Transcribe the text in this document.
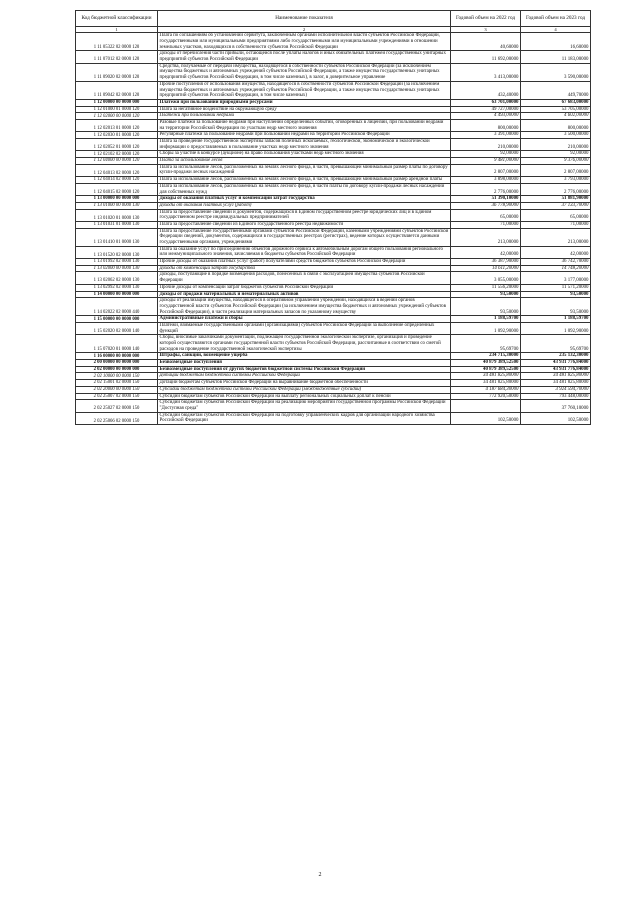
Код бюджетной классификации	Наименование показателя	Годовой объем на 2022 год	Годовой объем на 2023 год
1	2	3	4
1 11 05322 02 0000 120	Плата по соглашениям об установлении сервитута, заключенным органами исполнительной власти субъектов Российской Федерации, государственными или муниципальными предприятиями либо государственными или муниципальными учреждениями в отношении земельных участков, находящихся в собственности субъектов Российской Федерации	40,60000	16,60000
1 11 07012 02 0000 120	Доходы от перечисления части прибыли, остающейся после уплаты налогов и иных обязательных платежей государственных унитарных предприятий субъектов Российской Федерации	11 692,00000	11 183,00000
1 11 09020 02 0000 120	Средства, получаемые от передачи имущества, находящегося в собственности субъектов Российской Федерации (за исключением имущества бюджетных и автономных учреждений субъектов Российской Федерации, а также имущества государственных унитарных предприятий субъектов Российской Федерации, в том числе казенных), в залог, в доверительное управление	3 413,00000	3 590,00000
1 11 09042 02 0000 120	Прочие поступления от использования имущества, находящегося в собственности субъектов Российской Федерации (за исключением имущества бюджетных и автономных учреждений субъектов Российской Федерации, а также имущества государственных унитарных предприятий субъектов Российской Федерации, в том числе казенных)	432,40000	449,70000
1 12 00000 00 0000 000	Платежи при пользовании природными ресурсами	63 701,00000	67 683,00000
1 12 01000 01 0000 120	Плата за негативное воздействие на окружающую среду	49 727,00000	53 705,00000
1 12 02000 00 0000 120	Платежи при пользовании недрами	4 493,00000	4 602,00000
1 12 02013 01 0000 120	Разовые платежи за пользование недрами при наступлении определенных событий, оговоренных в лицензии, при пользовании недрами на территории Российской Федерации по участкам недр местного значения	800,00000	800,00000
1 12 02030 01 0000 120	Регулярные платежи за пользование недрами при пользовании недрами на территории Российской Федерации	3 391,00000	3 500,00000
1 12 02052 01 0000 120	Плата за проведение государственной экспертизы запасов полезных ископаемых, геологической, экономической и экологической информации о предоставляемых в пользование участках недр местного значения	210,00000	210,00000
1 12 02102 02 0000 120	Сборы за участие в конкурсе (аукционе) на право пользования участками недр местного значения	92,00000	92,00000
1 12 04000 00 0000 120	Плата за использование лесов	9 481,00000	9 376,00000
1 12 04013 02 0000 120	Плата за использование лесов, расположенных на землях лесного фонда, в части, превышающей минимальный размер платы по договору купли-продажи лесных насаждений	2 807,00000	2 807,00000
1 12 04014 02 0000 120	Плата за использование лесов, расположенных на землях лесного фонда, в части, превышающей минимальный размер арендной платы	3 898,00000	3 793,00000
1 12 04015 02 0000 120	Плата за использование лесов, расположенных на землях лесного фонда, в части платы по договору купли-продажи лесных насаждений для собственных нужд	2 776,00000	2 776,00000
1 13 00000 00 0000 000	Доходы от оказания платных услуг и компенсации затрат государства	51 390,10000	51 881,90000
1 13 01000 00 0000 130	Доходы от оказания платных услуг (работ)	36 778,90000	37 133,70000
1 13 01020 01 0000 130	Плата за предоставление сведений и документов, содержащихся в Едином государственном реестре юридических лиц и в Едином государственном реестре индивидуальных предпринимателей	65,00000	65,00000
1 13 01031 01 0000 130	Плата за предоставление сведений из Единого государственного реестра недвижимости	71,00000	71,00000
1 13 01410 01 0000 130	Плата за предоставление государственными органами субъектов Российской Федерации, казенными учреждениями субъектов Российской Федерации сведений, документов, содержащихся в государственных реестрах (регистрах), ведение которых осуществляется данными государственными органами, учреждениями	213,00000	213,00000
1 13 01520 02 0000 130	Плата за оказание услуг по присоединению объектов дорожного сервиса к автомобильным дорогам общего пользования регионального или межмуниципального значения, зачисляемая в бюджеты субъектов Российской Федерации	42,00000	42,00000
1 13 01992 02 0000 130	Прочие доходы от оказания платных услуг (работ) получателями средств бюджетов субъектов Российской Федерации	36 387,90000	36 742,70000
1 13 02000 00 0000 130	Доходы от компенсации затрат государства	14 611,20000	14 748,20000
1 13 02062 02 0000 130	Доходы, поступающие в порядке возмещения расходов, понесенных в связи с эксплуатацией имущества субъектов Российской Федерации	3 055,00000	3 177,00000
1 13 02992 02 0000 130	Прочие доходы от компенсации затрат бюджетов субъектов Российской Федерации	11 556,20000	11 571,20000
1 14 00000 00 0000 000	Доходы от продажи материальных и нематериальных активов	93,50000	93,50000
1 14 02022 02 0000 440	Доходы от реализации имущества, находящегося в оперативном управлении учреждений, находящихся в ведении органов государственной власти субъектов Российской Федерации (за исключением имущества бюджетных и автономных учреждений субъектов Российской Федерации), в части реализации материальных запасов по указанному имуществу	93,50000	93,50000
1 15 00000 00 0000 000	Административные платежи и сборы	1 188,59700	1 188,59700
1 15 02020 02 0000 140	Платежи, взимаемые государственными органами (организациями) субъектов Российской Федерации за выполнение определенных функций	1 092,90000	1 092,90000
1 15 07020 01 0000 140	Сборы, вносимые заказчиками документации, подлежащей государственной экологической экспертизе, организация и проведение которой осуществляются органами государственной власти субъектов Российской Федерации, рассчитанные в соответствии со сметой расходов на проведение государственной экологической экспертизы	95,69700	95,69700
1 16 00000 00 0000 000	Штрафы, санкции, возмещение ущерба	234 715,30000	235 132,30000
2 00 00000 00 0000 000	Безвозмездные поступления	40 879 389,52500	43 931 776,84000
2 02 00000 00 0000 000	Безвозмездные поступления от других бюджетов бюджетной системы Российской Федерации	40 879 389,52500	43 931 776,84000
2 02 10000 00 0000 150	Дотации бюджетам бюджетной системы Российской Федерации	34 481 825,80000	34 481 825,80000
2 02 15001 02 0000 150	Дотации бюджетам субъектов Российской Федерации на выравнивание бюджетной обеспеченности	34 481 825,80000	34 481 825,80000
2 02 20000 00 0000 150	Субсидии бюджетам бюджетной системы Российской Федерации (межбюджетные субсидии)	4 187 684,30000	3 924 594,70000
2 02 25007 02 0000 150	Субсидии бюджетам субъектов Российской Федерации на выплату региональных социальных доплат к пенсии	772 920,50000	793 448,00000
2 02 25027 02 0000 150	Субсидии бюджетам субъектов Российской Федерации на реализацию мероприятий государственной программы Российской Федерации "Доступная среда"		37 760,10000
2 02 25066 02 0000 150	Субсидии бюджетам субъектов Российской Федерации на подготовку управленческих кадров для организаций народного хозяйства Российской Федерации	102,50000	102,50000
2
